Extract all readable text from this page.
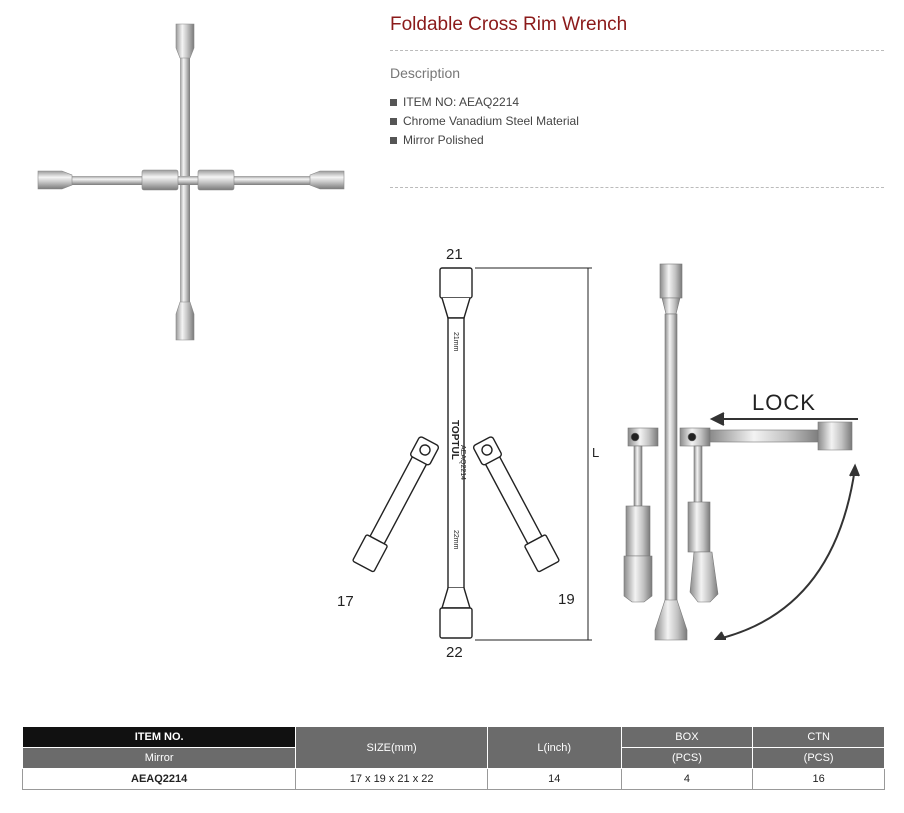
Foldable Cross Rim Wrench
Description
ITEM NO: AEAQ2214
Chrome Vanadium Steel Material
Mirror Polished
21mm
TOPTUL
AEAQ2214
22mm
21
22
17	19
L
LOCK
ITEM NO.	SIZE(mm)	L(inch)	BOX	CTN
Mirror			(PCS)	(PCS)
AEAQ2214	17 x 19 x 21 x 22	14	4	16
